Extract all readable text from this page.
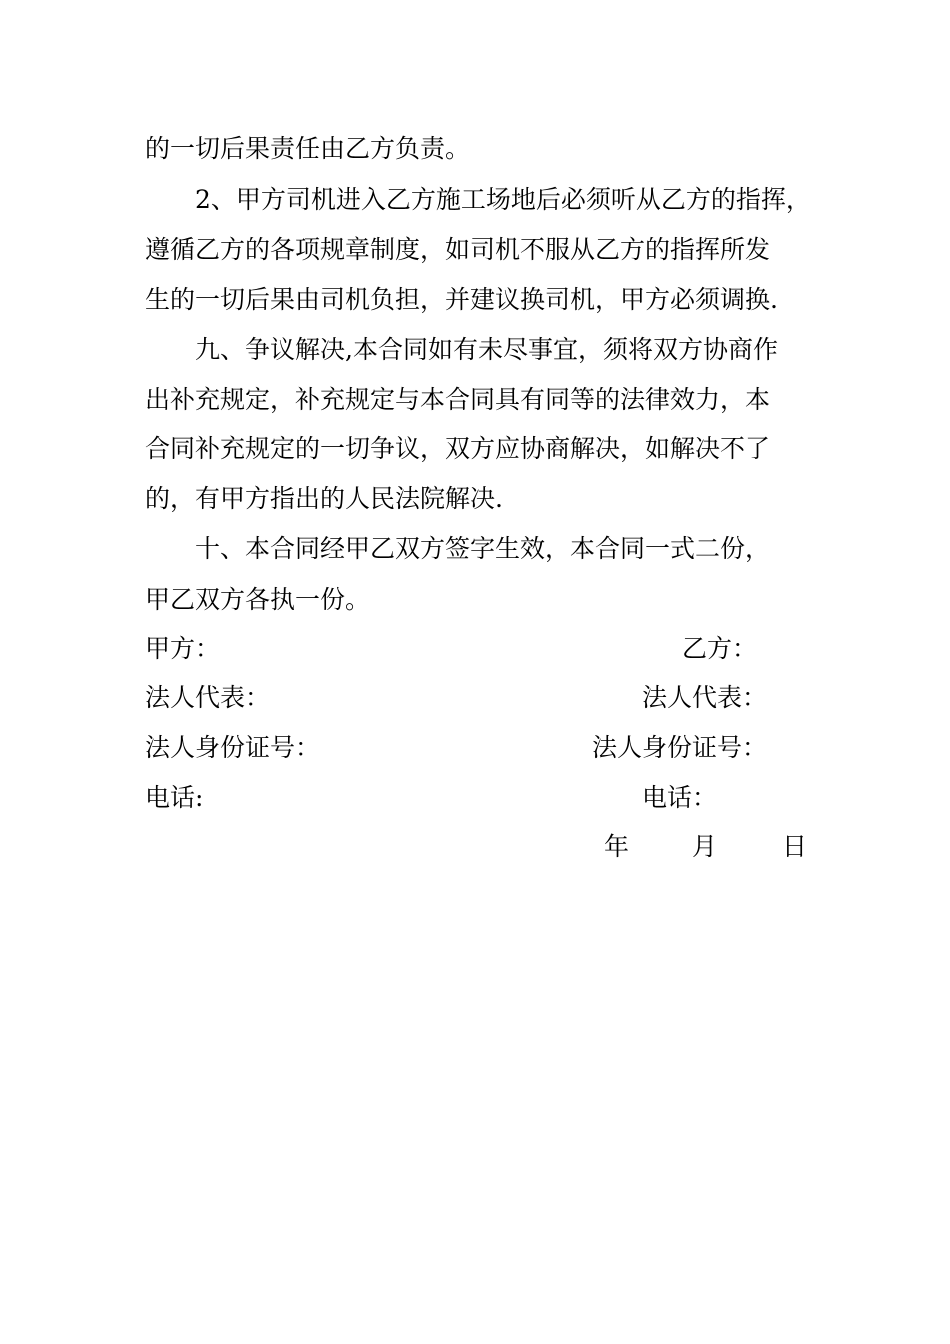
的一切后果责任由乙方负责。
2、甲方司机进入乙方施工场地后必须听从乙方的指挥，
遵循乙方的各项规章制度，如司机不服从乙方的指挥所发
生的一切后果由司机负担，并建议换司机，甲方必须调换.
九、争议解决,本合同如有未尽事宜，须将双方协商作
出补充规定，补充规定与本合同具有同等的法律效力，本
合同补充规定的一切争议，双方应协商解决，如解决不了
的，有甲方指出的人民法院解决.
十、本合同经甲乙双方签字生效，本合同一式二份，
甲乙双方各执一份。
甲方：	乙方：
法人代表：	法人代表：
法人身份证号：	法人身份证号：
电话:	电话：
年	月	日
